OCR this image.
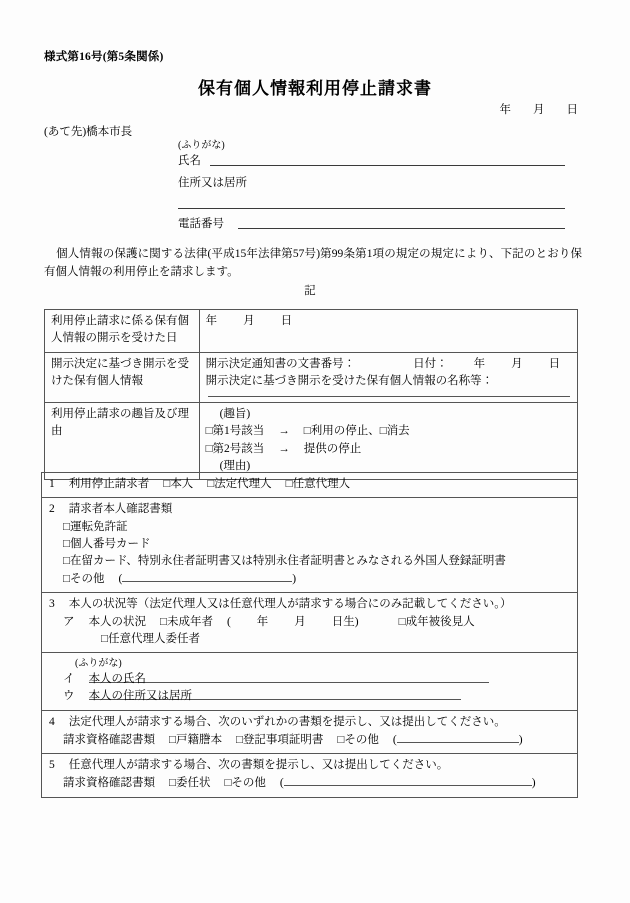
様式第16号(第5条関係)
保有個人情報利用停止請求書
年 月 日
(あて先)橋本市長
(ふりがな)
氏名
住所又は居所
電話番号
個人情報の保護に関する法律(平成15年法律第57号)第99条第1項の規定の規定により、下記のとおり保有個人情報の利用停止を請求します。
記
利用停止請求に係る保有個人情報の開示を受けた日	年 月 日
開示決定に基づき開示を受けた保有個人情報	開示決定通知書の文書番号： 日付： 年 月 日
開示決定に基づき開示を受けた保有個人情報の名称等：

利用停止請求の趣旨及び理由	(趣旨)
□第1号該当 → □利用の停止、□消去
□第2号該当 → 提供の停止
(理由)
1 利用停止請求者 □本人 □法定代理人 □任意代理人

2 請求者本人確認書類
□運転免許証
□個人番号カード
□在留カード、特別永住者証明書又は特別永住者証明書とみなされる外国人登録証明書
□その他 (	)

3 本人の状況等（法定代理人又は任意代理人が請求する場合にのみ記載してください。）
ア 本人の状況 □未成年者 ( 年 月 日生)	□成年被後見人
□任意代理人委任者

(ふりがな)
イ 本人の氏名
ウ 本人の住所又は居所

4 法定代理人が請求する場合、次のいずれかの書類を提示し、又は提出してください。
請求資格確認書類 □戸籍謄本 □登記事項証明書 □その他 (	)

5 任意代理人が請求する場合、次の書類を提示し、又は提出してください。
請求資格確認書類 □委任状 □その他 (	)
